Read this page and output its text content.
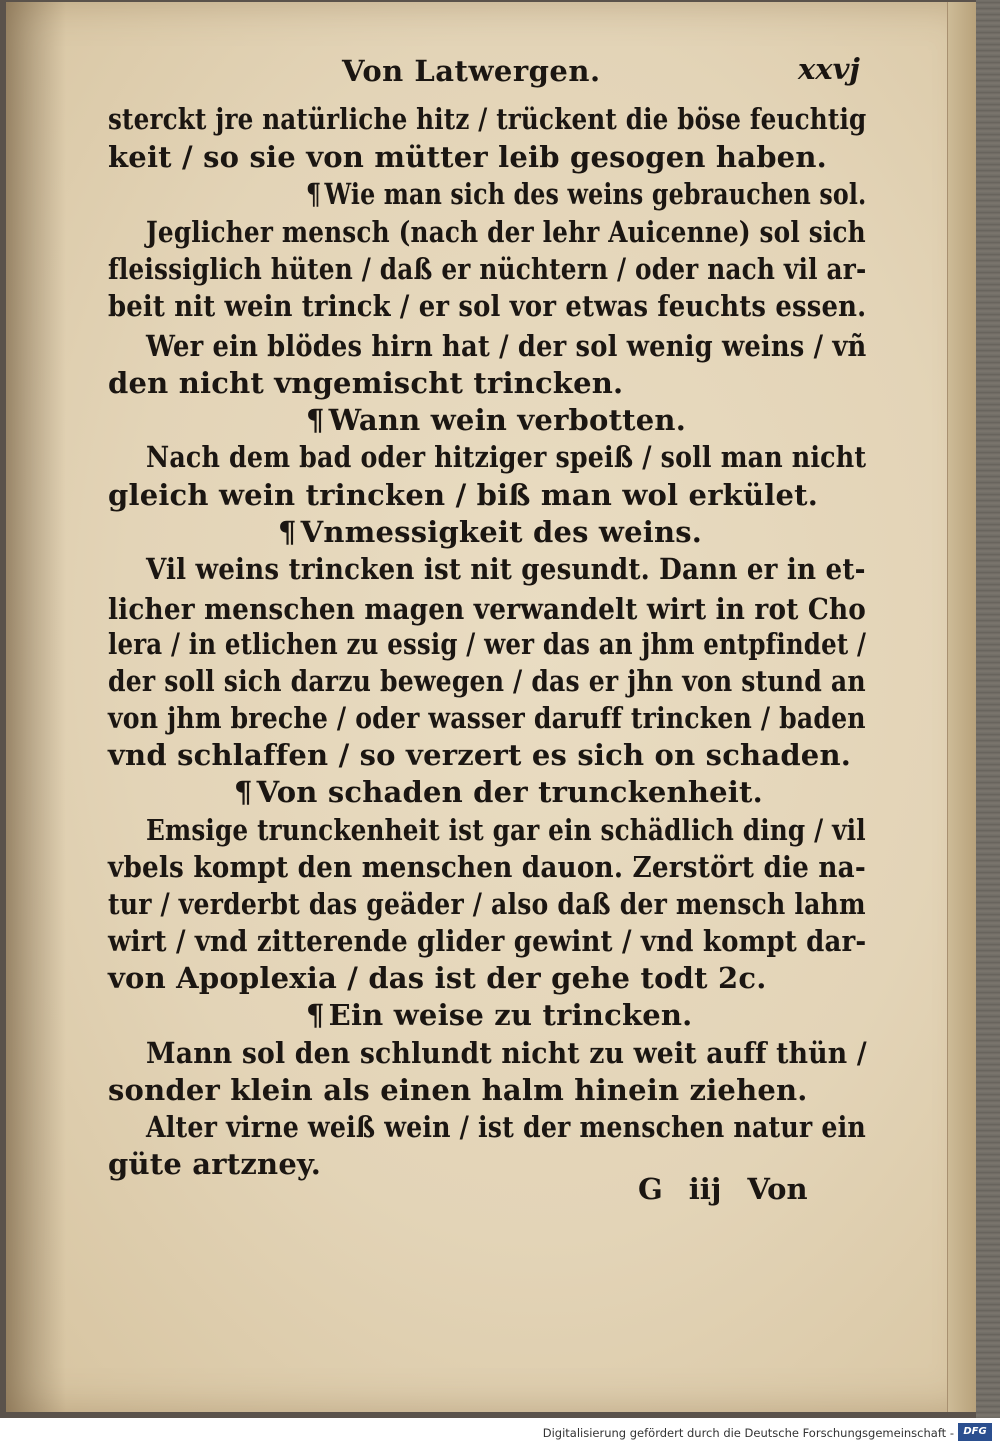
Von Latwergen.	xxvj
sterckt jre natürliche hitz / trückent die böse feuchtig
keit / so sie von mütter leib gesogen haben.
¶ Wie man sich des weins gebrauchen sol.
Jeglicher mensch (nach der lehr Auicenne) sol sich
fleissiglich hüten / daß er nüchtern / oder nach vil ar-
beit nit wein trinck / er sol vor etwas feuchts essen.
Wer ein blödes hirn hat / der sol wenig weins / vñ
den nicht vngemischt trincken.
¶ Wann wein verbotten.
Nach dem bad oder hitziger speiß / soll man nicht
gleich wein trincken / biß man wol erkület.
¶ Vnmessigkeit des weins.
Vil weins trincken ist nit gesundt. Dann er in et-
licher menschen magen verwandelt wirt in rot Cho
lera / in etlichen zu essig / wer das an jhm entpfindet /
der soll sich darzu bewegen / das er jhn von stund an
von jhm breche / oder wasser daruff trincken / baden
vnd schlaffen / so verzert es sich on schaden.
¶ Von schaden der trunckenheit.
Emsige trunckenheit ist gar ein schädlich ding / vil
vbels kompt den menschen dauon. Zerstört die na-
tur / verderbt das geäder / also daß der mensch lahm
wirt / vnd zitterende glider gewint / vnd kompt dar-
von Apoplexia / das ist der gehe todt 2c.
¶ Ein weise zu trincken.
Mann sol den schlundt nicht zu weit auff thün /
sonder klein als einen halm hinein ziehen.
Alter virne weiß wein / ist der menschen natur ein
güte artzney.
G iij Von
Digitalisierung gefördert durch die Deutsche Forschungsgemeinschaft - DFG
